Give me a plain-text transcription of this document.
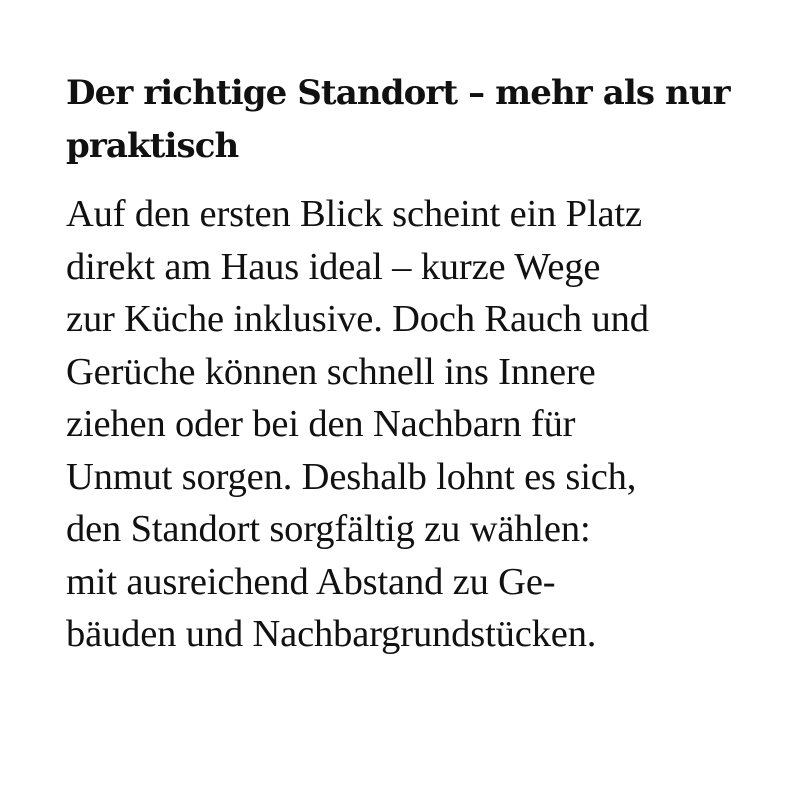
Der richtige Standort – mehr als nur
praktisch

Auf den ersten Blick scheint ein Platz
direkt am Haus ideal – kurze Wege
zur Küche inklusive. Doch Rauch und
Gerüche können schnell ins Innere
ziehen oder bei den Nachbarn für
Unmut sorgen. Deshalb lohnt es sich,
den Standort sorgfältig zu wählen:
mit ausreichend Abstand zu Ge-
bäuden und Nachbargrundstücken.
